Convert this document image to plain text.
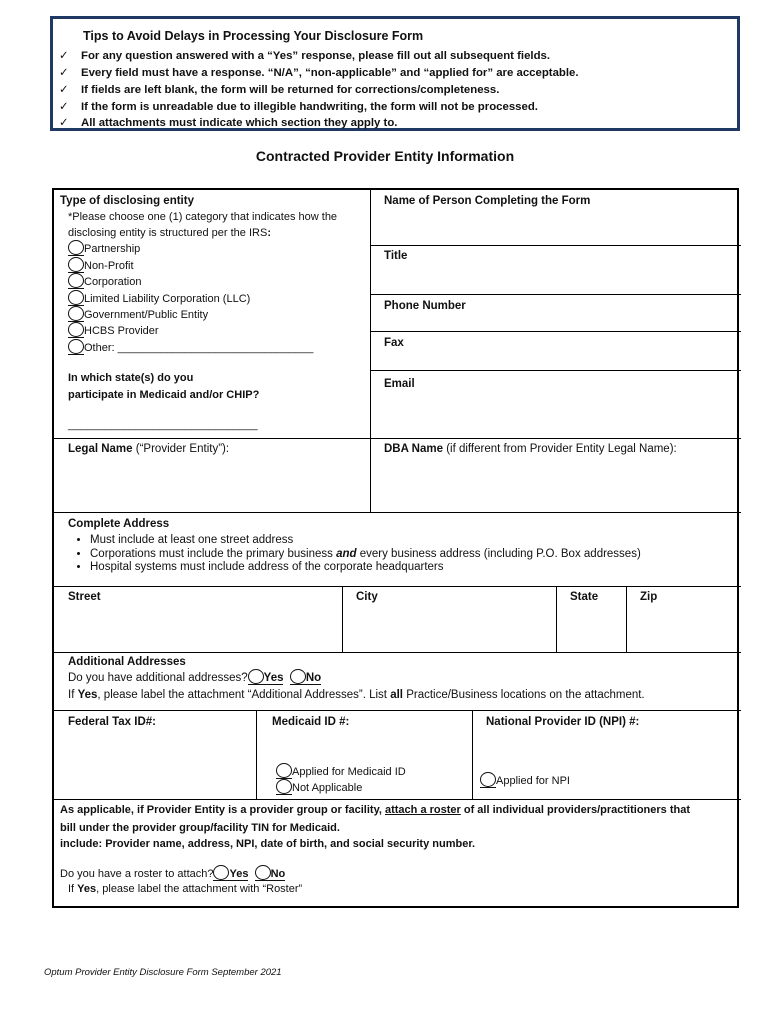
Tips to Avoid Delays in Processing Your Disclosure Form
✓ For any question answered with a “Yes” response, please fill out all subsequent fields.
✓ Every field must have a response. “N/A”, “non-applicable” and “applied for” are acceptable.
✓ If fields are left blank, the form will be returned for corrections/completeness.
✓ If the form is unreadable due to illegible handwriting, the form will not be processed.
✓ All attachments must indicate which section they apply to.
Contracted Provider Entity Information
Type of disclosing entity
*Please choose one (1) category that indicates how the
disclosing entity is structured per the IRS:
Partnership
Non-Profit
Corporation
Limited Liability Corporation (LLC)
Government/Public Entity
HCBS Provider
Other: ________________________________
In which state(s) do you
participate in Medicaid and/or CHIP?
_______________________________
Name of Person Completing the Form
Title
Phone Number
Fax
Email
Legal Name (“Provider Entity”):	DBA Name (if different from Provider Entity Legal Name):
Complete Address
• Must include at least one street address
• Corporations must include the primary business and every business address (including P.O. Box addresses)
• Hospital systems must include address of the corporate headquarters
Street	City	State	Zip
Additional Addresses
Do you have additional addresses? Yes No
If Yes, please label the attachment “Additional Addresses”. List all Practice/Business locations on the attachment.
Federal Tax ID#:	Medicaid ID #:	National Provider ID (NPI) #:
Applied for Medicaid ID
Not Applicable
Applied for NPI
As applicable, if Provider Entity is a provider group or facility, attach a roster of all individual providers/practitioners that
bill under the provider group/facility TIN for Medicaid.
include: Provider name, address, NPI, date of birth, and social security number.
Do you have a roster to attach? Yes No
If Yes, please label the attachment with “Roster”
Optum Provider Entity Disclosure Form September 2021
